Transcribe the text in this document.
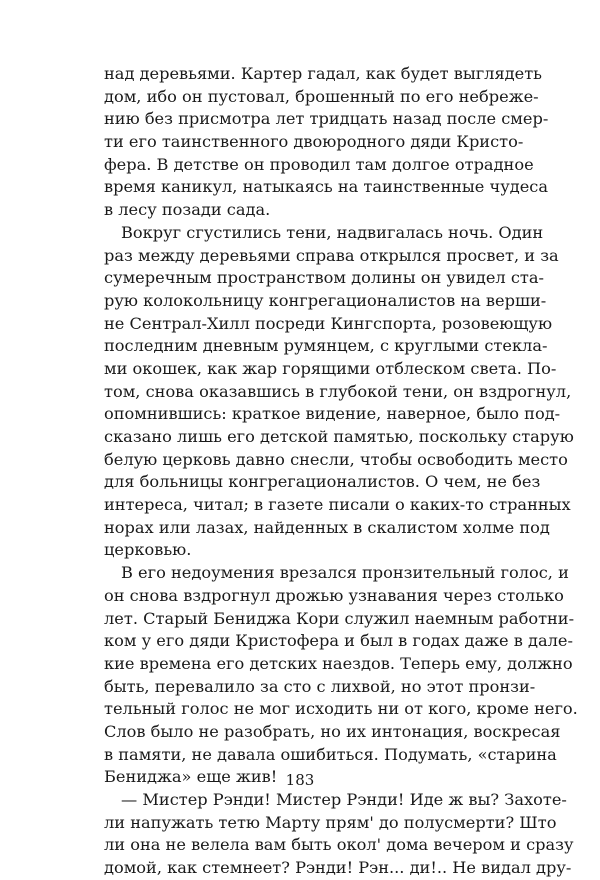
над деревьями. Картер гадал, как будет выглядеть
дом, ибо он пустовал, брошенный по его небреже-
нию без присмотра лет тридцать назад после смер-
ти его таинственного двоюродного дяди Кристо-
фера. В детстве он проводил там долгое отрадное
время каникул, натыкаясь на таинственные чудеса
в лесу позади сада.
Вокруг сгустились тени, надвигалась ночь. Один
раз между деревьями справа открылся просвет, и за
сумеречным пространством долины он увидел ста-
рую колокольницу конгрегационалистов на верши-
не Сентрал-Хилл посреди Кингспорта, розовеющую
последним дневным румянцем, с круглыми стекла-
ми окошек, как жар горящими отблеском света. По-
том, снова оказавшись в глубокой тени, он вздрогнул,
опомнившись: краткое видение, наверное, было под-
сказано лишь его детской памятью, поскольку старую
белую церковь давно снесли, чтобы освободить место
для больницы конгрегационалистов. О чем, не без
интереса, читал; в газете писали о каких-то странных
норах или лазах, найденных в скалистом холме под
церковью.
В его недоумения врезался пронзительный голос, и
он снова вздрогнул дрожью узнавания через столько
лет. Старый Бениджа Кори служил наемным работни-
ком у его дяди Кристофера и был в годах даже в дале-
кие времена его детских наездов. Теперь ему, должно
быть, перевалило за сто с лихвой, но этот пронзи-
тельный голос не мог исходить ни от кого, кроме него.
Слов было не разобрать, но их интонация, воскресая
в памяти, не давала ошибиться. Подумать, «старина
Бениджа» еще жив!
— Мистер Рэнди! Мистер Рэнди! Иде ж вы? Захоте-
ли напужать тетю Марту прям' до полусмерти? Што
ли она не велела вам быть окол' дома вечером и сразу
домой, как стемнеет? Рэнди! Рэн... ди!.. Не видал дру-
183
